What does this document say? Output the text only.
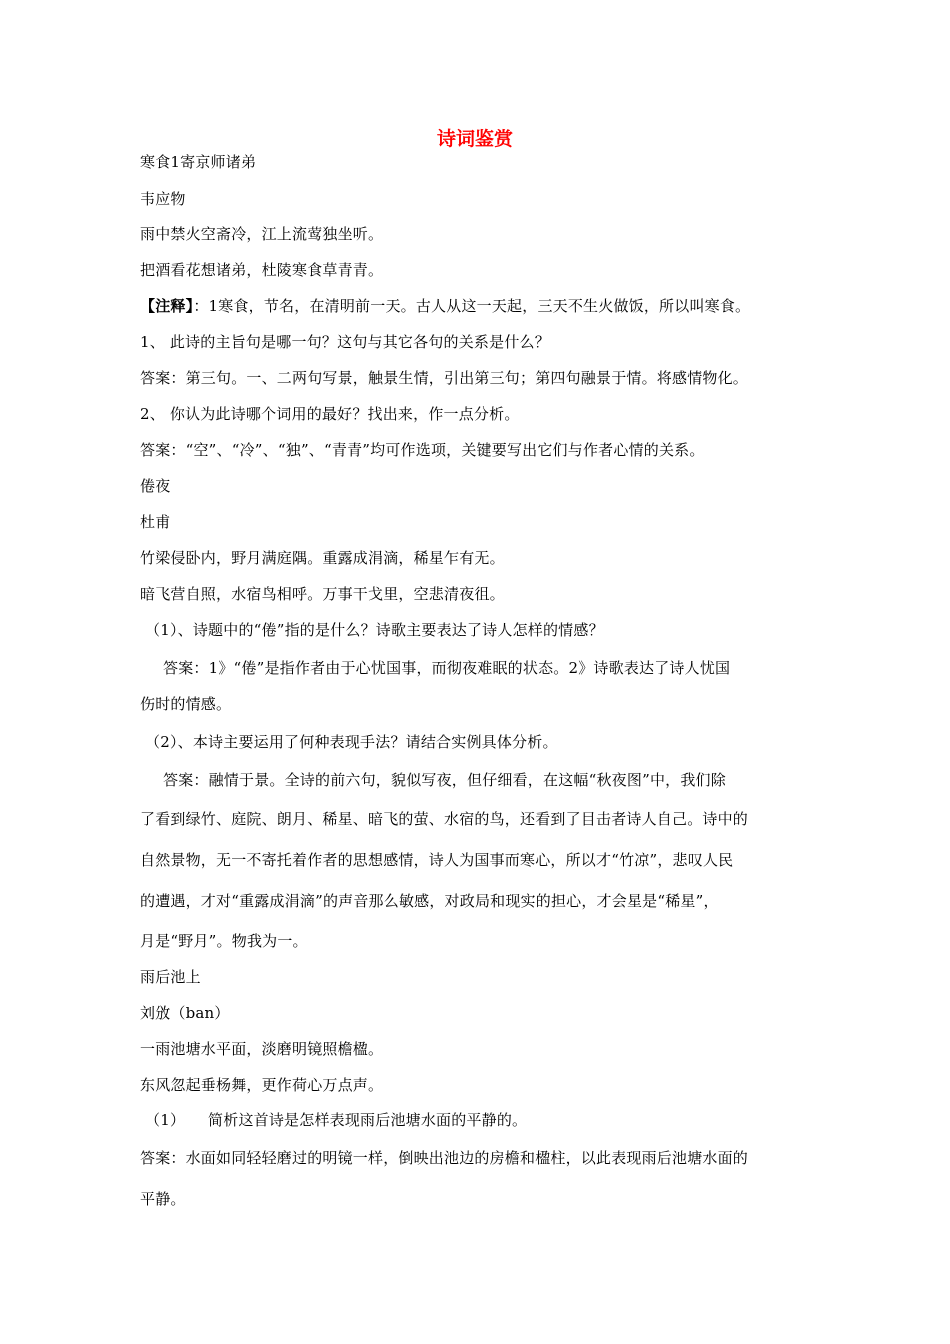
诗词鉴赏
寒食1寄京师诸弟
韦应物
雨中禁火空斋冷，江上流莺独坐听。
把酒看花想诸弟，杜陵寒食草青青。
【注释】：1寒食，节名，在清明前一天。古人从这一天起，三天不生火做饭，所以叫寒食。
1、 此诗的主旨句是哪一句？这句与其它各句的关系是什么？
答案：第三句。一、二两句写景，触景生情，引出第三句；第四句融景于情。将感情物化。
2、 你认为此诗哪个词用的最好？找出来，作一点分析。
答案：“空”、“冷”、“独”、“青青”均可作选项，关键要写出它们与作者心情的关系。
倦夜
杜甫
竹梁侵卧内，野月满庭隅。重露成涓滴，稀星乍有无。
暗飞营自照，水宿鸟相呼。万事干戈里，空悲清夜徂。
（1）、诗题中的“倦”指的是什么？诗歌主要表达了诗人怎样的情感？
答案：1》“倦”是指作者由于心忧国事，而彻夜难眠的状态。2》诗歌表达了诗人忧国
伤时的情感。
（2）、本诗主要运用了何种表现手法？请结合实例具体分析。
答案：融情于景。全诗的前六句，貌似写夜，但仔细看，在这幅“秋夜图”中，我们除
了看到绿竹、庭院、朗月、稀星、暗飞的萤、水宿的鸟，还看到了目击者诗人自己。诗中的
自然景物，无一不寄托着作者的思想感情，诗人为国事而寒心，所以才“竹凉”，悲叹人民
的遭遇，才对“重露成涓滴”的声音那么敏感，对政局和现实的担心，才会星是“稀星”，
月是“野月”。物我为一。
雨后池上
刘攽（ban）
一雨池塘水平面，淡磨明镜照檐楹。
东风忽起垂杨舞，更作荷心万点声。
（1）　　简析这首诗是怎样表现雨后池塘水面的平静的。
答案：水面如同轻轻磨过的明镜一样，倒映出池边的房檐和楹柱，以此表现雨后池塘水面的
平静。
